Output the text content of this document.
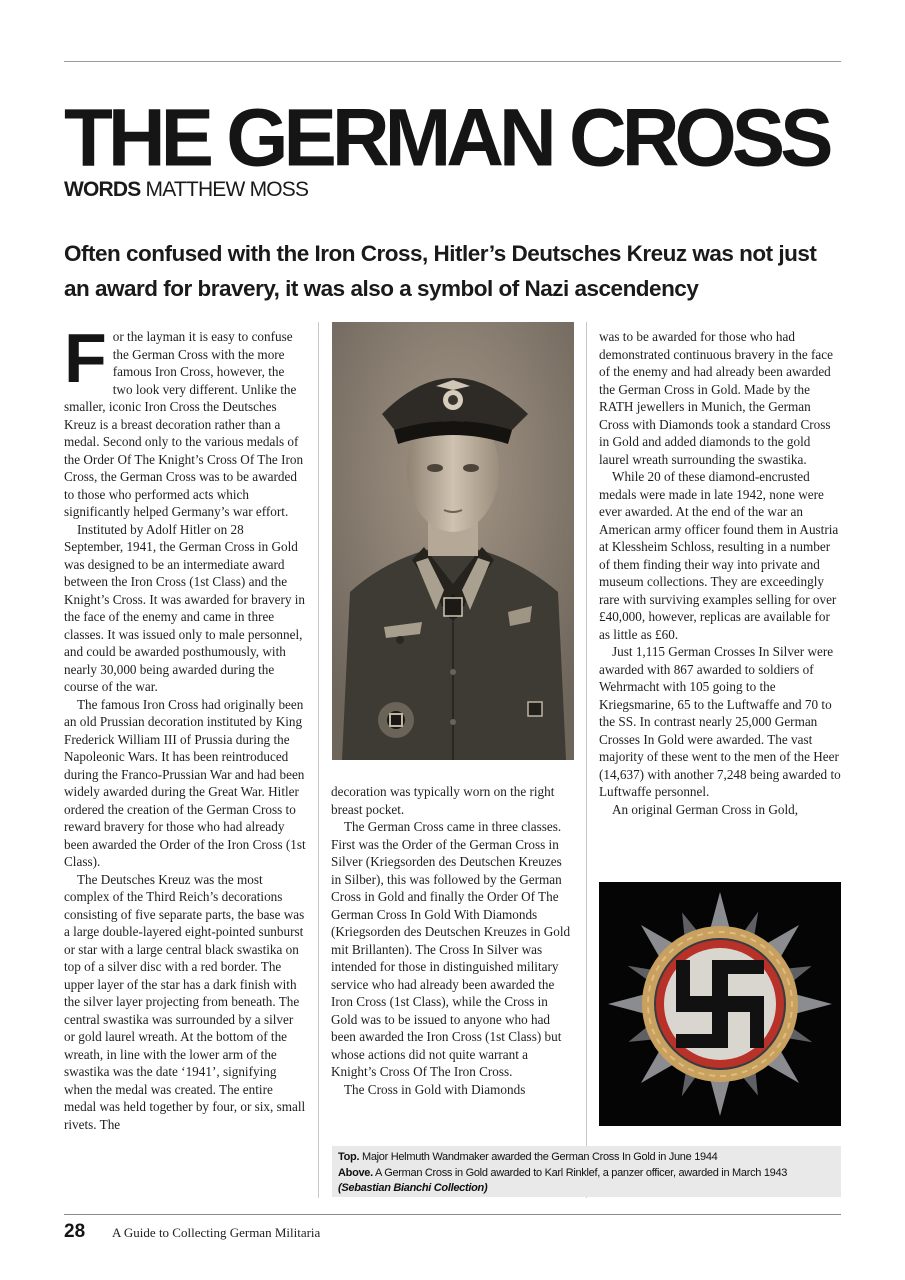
THE GERMAN CROSS
WORDS MATTHEW MOSS

Often confused with the Iron Cross, Hitler’s Deutsches Kreuz was not just an award for bravery, it was also a symbol of Nazi ascendency

For the layman it is easy to confuse the German Cross with the more famous Iron Cross, however, the two look very different. Unlike the smaller, iconic Iron Cross the Deutsches Kreuz is a breast decoration rather than a medal. Second only to the various medals of the Order Of The Knight’s Cross Of The Iron Cross, the German Cross was to be awarded to those who performed acts which significantly helped Germany’s war effort.

Instituted by Adolf Hitler on 28 September, 1941, the German Cross in Gold was designed to be an intermediate award between the Iron Cross (1st Class) and the Knight’s Cross. It was awarded for bravery in the face of the enemy and came in three classes. It was issued only to male personnel, and could be awarded posthumously, with nearly 30,000 being awarded during the course of the war.

The famous Iron Cross had originally been an old Prussian decoration instituted by King Frederick William III of Prussia during the Napoleonic Wars. It has been reintroduced during the Franco-Prussian War and had been widely awarded during the Great War. Hitler ordered the creation of the German Cross to reward bravery for those who had already been awarded the Order of the Iron Cross (1st Class).

The Deutsches Kreuz was the most complex of the Third Reich’s decorations consisting of five separate parts, the base was a large double-layered eight-pointed sunburst or star with a large central black swastika on top of a silver disc with a red border. The upper layer of the star has a dark finish with the silver layer projecting from beneath. The central swastika was surrounded by a silver or gold laurel wreath. At the bottom of the wreath, in line with the lower arm of the swastika was the date ‘1941’, signifying when the medal was created. The entire medal was held together by four, or six, small rivets. The

decoration was typically worn on the right breast pocket.

The German Cross came in three classes. First was the Order of the German Cross in Silver (Kriegsorden des Deutschen Kreuzes in Silber), this was followed by the German Cross in Gold and finally the Order Of The German Cross In Gold With Diamonds (Kriegsorden des Deutschen Kreuzes in Gold mit Brillanten). The Cross In Silver was intended for those in distinguished military service who had already been awarded the Iron Cross (1st Class), while the Cross in Gold was to be issued to anyone who had been awarded the Iron Cross (1st Class) but whose actions did not quite warrant a Knight’s Cross Of The Iron Cross.

The Cross in Gold with Diamonds

was to be awarded for those who had demonstrated continuous bravery in the face of the enemy and had already been awarded the German Cross in Gold. Made by the RATH jewellers in Munich, the German Cross with Diamonds took a standard Cross in Gold and added diamonds to the gold laurel wreath surrounding the swastika.

While 20 of these diamond-encrusted medals were made in late 1942, none were ever awarded. At the end of the war an American army officer found them in Austria at Klessheim Schloss, resulting in a number of them finding their way into private and museum collections. They are exceedingly rare with surviving examples selling for over £40,000, however, replicas are available for as little as £60.

Just 1,115 German Crosses In Silver were awarded with 867 awarded to soldiers of Wehrmacht with 105 going to the Kriegsmarine, 65 to the Luftwaffe and 70 to the SS. In contrast nearly 25,000 German Crosses In Gold were awarded. The vast majority of these went to the men of the Heer (14,637) with another 7,248 being awarded to Luftwaffe personnel.

An original German Cross in Gold,

Top. Major Helmuth Wandmaker awarded the German Cross In Gold in June 1944
Above. A German Cross in Gold awarded to Karl Rinklef, a panzer officer, awarded in March 1943
(Sebastian Bianchi Collection)
28 A Guide to Collecting German Militaria
